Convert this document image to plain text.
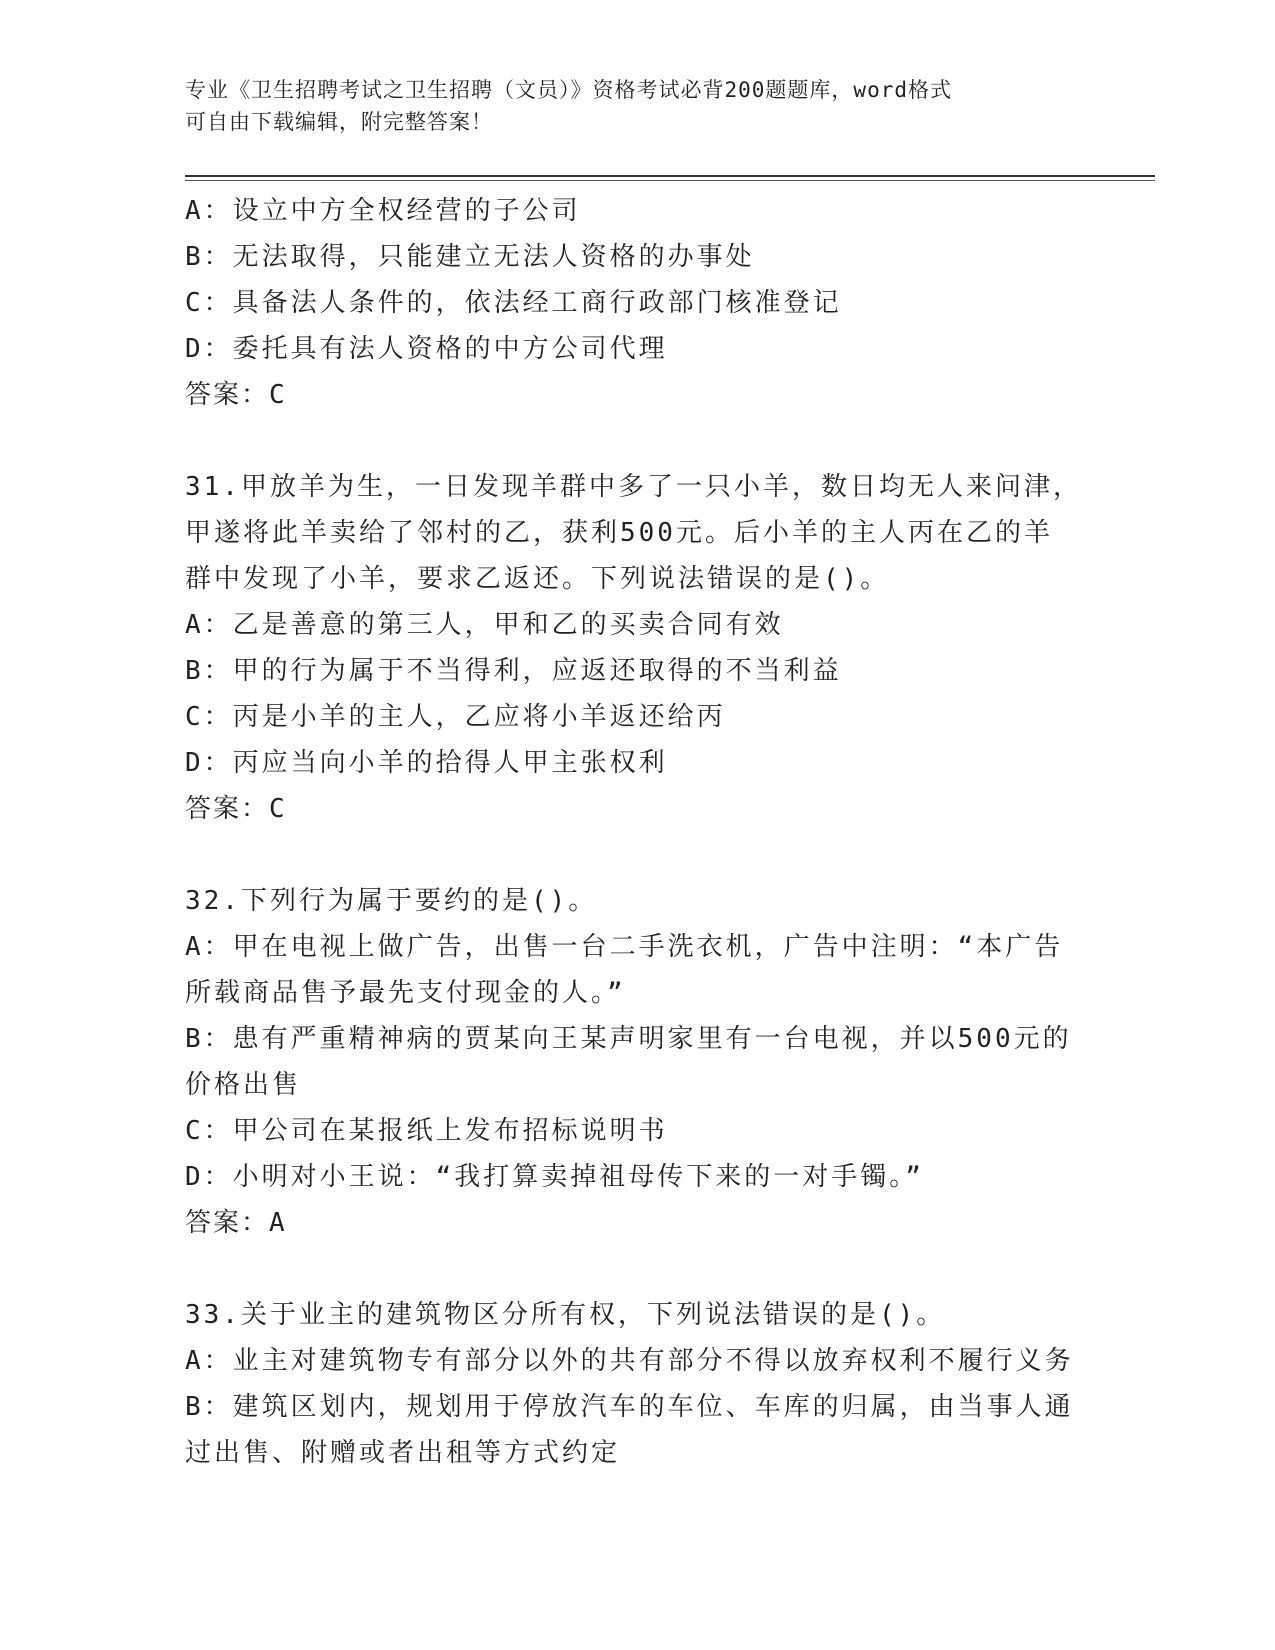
专业《卫生招聘考试之卫生招聘（文员）》资格考试必背200题题库，word格式
可自由下载编辑，附完整答案！
A：设立中方全权经营的子公司
B：无法取得，只能建立无法人资格的办事处
C：具备法人条件的，依法经工商行政部门核准登记
D：委托具有法人资格的中方公司代理
答案：C
31.甲放羊为生，一日发现羊群中多了一只小羊，数日均无人来问津，
甲遂将此羊卖给了邻村的乙，获利500元。后小羊的主人丙在乙的羊
群中发现了小羊，要求乙返还。下列说法错误的是()。
A：乙是善意的第三人，甲和乙的买卖合同有效
B：甲的行为属于不当得利，应返还取得的不当利益
C：丙是小羊的主人，乙应将小羊返还给丙
D：丙应当向小羊的拾得人甲主张权利
答案：C
32.下列行为属于要约的是()。
A：甲在电视上做广告，出售一台二手洗衣机，广告中注明：“本广告
所载商品售予最先支付现金的人。”
B：患有严重精神病的贾某向王某声明家里有一台电视，并以500元的
价格出售
C：甲公司在某报纸上发布招标说明书
D：小明对小王说：“我打算卖掉祖母传下来的一对手镯。”
答案：A
33.关于业主的建筑物区分所有权，下列说法错误的是()。
A：业主对建筑物专有部分以外的共有部分不得以放弃权利不履行义务
B：建筑区划内，规划用于停放汽车的车位、车库的归属，由当事人通
过出售、附赠或者出租等方式约定
